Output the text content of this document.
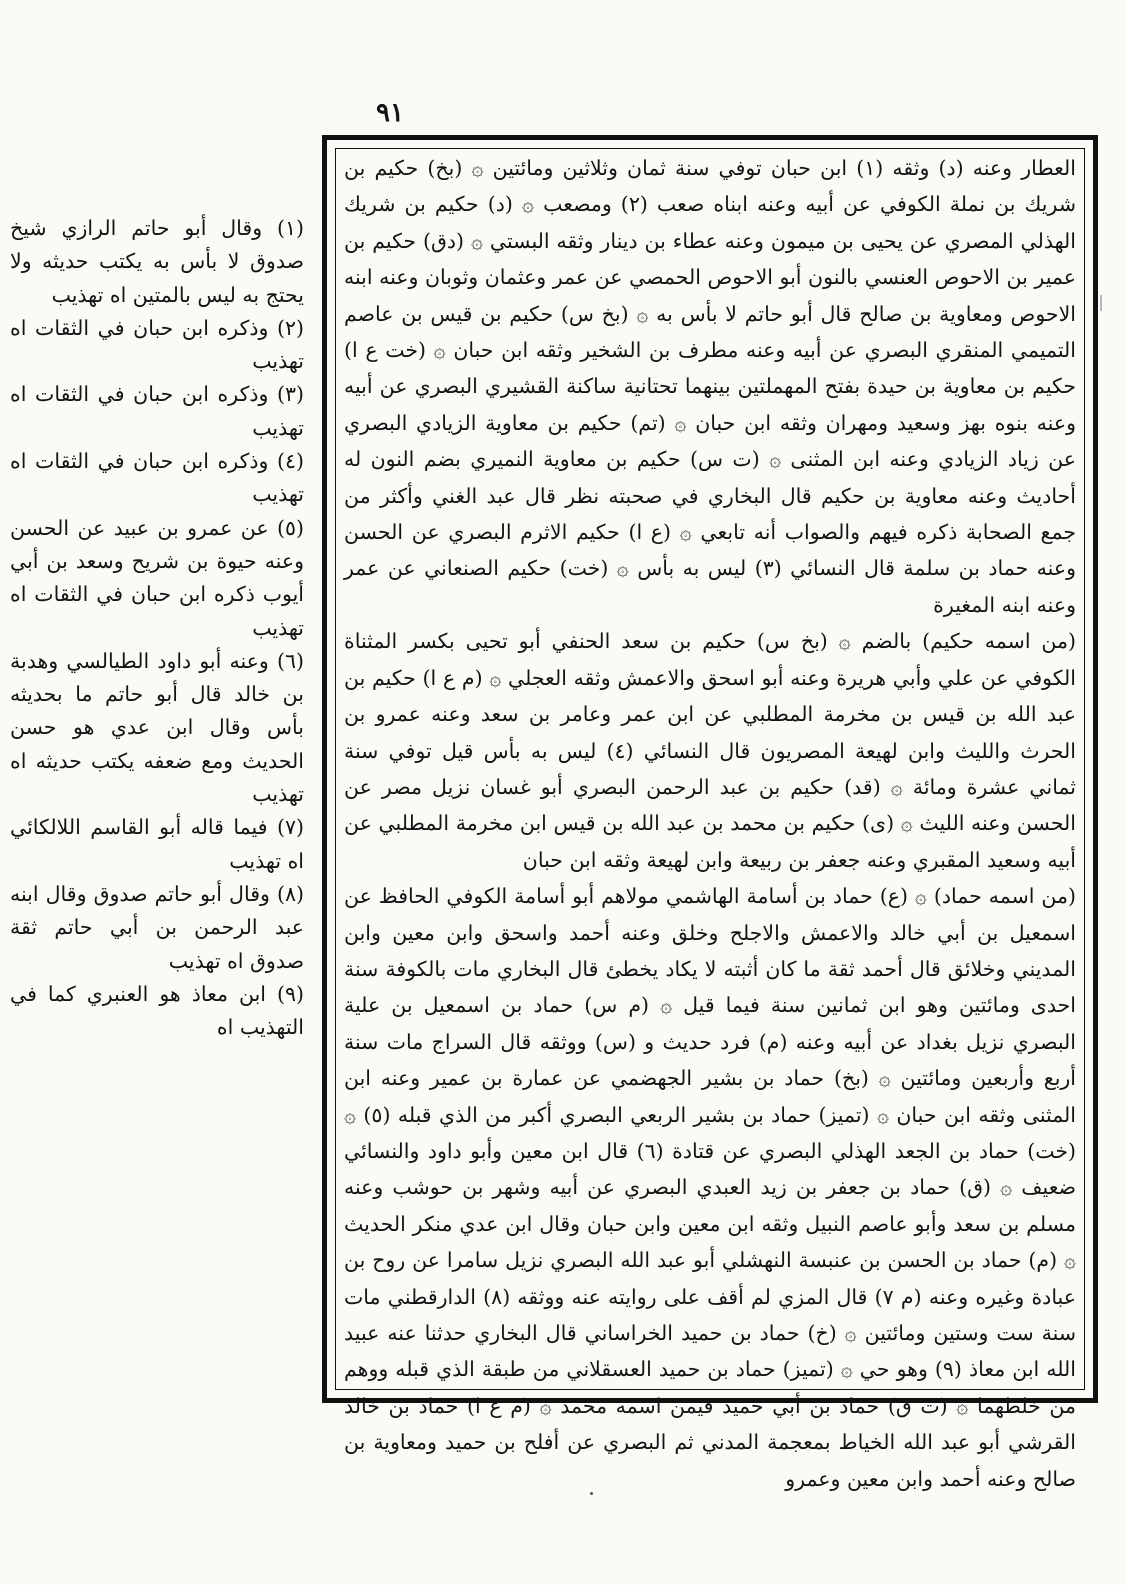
٩١

العطار وعنه (د) وثقه (١) ابن حبان توفي سنة ثمان وثلاثين ومائتين ۞ (بخ) حكيم بن شريك بن نملة الكوفي عن أبيه وعنه ابناه صعب (٢) ومصعب ۞ (د) حكيم بن شريك الهذلي المصري عن يحيى بن ميمون وعنه عطاء بن دينار وثقه البستي ۞ (دق) حكيم بن عمير بن الاحوص العنسي بالنون أبو الاحوص الحمصي عن عمر وعثمان وثوبان وعنه ابنه الاحوص ومعاوية بن صالح قال أبو حاتم لا بأس به ۞ (بخ س) حكيم بن قيس بن عاصم التميمي المنقري البصري عن أبيه وعنه مطرف بن الشخير وثقه ابن حبان ۞ (خت ع ا) حكيم بن معاوية بن حيدة بفتح المهملتين بينهما تحتانية ساكنة القشيري البصري عن أبيه وعنه بنوه بهز وسعيد ومهران وثقه ابن حبان ۞ (تم) حكيم بن معاوية الزيادي البصري عن زياد الزيادي وعنه ابن المثنى ۞ (ت س) حكيم بن معاوية النميري بضم النون له أحاديث وعنه معاوية بن حكيم قال البخاري في صحبته نظر قال عبد الغني وأكثر من جمع الصحابة ذكره فيهم والصواب أنه تابعي ۞ (ع ا) حكيم الاثرم البصري عن الحسن وعنه حماد بن سلمة قال النسائي (٣) ليس به بأس ۞ (خت) حكيم الصنعاني عن عمر وعنه ابنه المغيرة

(من اسمه حكيم) بالضم ۞ (بخ س) حكيم بن سعد الحنفي أبو تحيى بكسر المثناة الكوفي عن علي وأبي هريرة وعنه أبو اسحق والاعمش وثقه العجلي ۞ (م ع ا) حكيم بن عبد الله بن قيس بن مخرمة المطلبي عن ابن عمر وعامر بن سعد وعنه عمرو بن الحرث والليث وابن لهيعة المصريون قال النسائي (٤) ليس به بأس قيل توفي سنة ثماني عشرة ومائة ۞ (قد) حكيم بن عبد الرحمن البصري أبو غسان نزيل مصر عن الحسن وعنه الليث ۞ (ى) حكيم بن محمد بن عبد الله بن قيس ابن مخرمة المطلبي عن أبيه وسعيد المقبري وعنه جعفر بن ربيعة وابن لهيعة وثقه ابن حبان

(من اسمه حماد) ۞ (ع) حماد بن أسامة الهاشمي مولاهم أبو أسامة الكوفي الحافظ عن اسمعيل بن أبي خالد والاعمش والاجلح وخلق وعنه أحمد واسحق وابن معين وابن المديني وخلائق قال أحمد ثقة ما كان أثبته لا يكاد يخطئ قال البخاري مات بالكوفة سنة احدى ومائتين وهو ابن ثمانين سنة فيما قيل ۞ (م س) حماد بن اسمعيل بن علية البصري نزيل بغداد عن أبيه وعنه (م) فرد حديث و (س) ووثقه قال السراج مات سنة أربع وأربعين ومائتين ۞ (بخ) حماد بن بشير الجهضمي عن عمارة بن عمير وعنه ابن المثنى وثقه ابن حبان ۞ (تميز) حماد بن بشير الربعي البصري أكبر من الذي قبله (٥) ۞ (خت) حماد بن الجعد الهذلي البصري عن قتادة (٦) قال ابن معين وأبو داود والنسائي ضعيف ۞ (ق) حماد بن جعفر بن زيد العبدي البصري عن أبيه وشهر بن حوشب وعنه مسلم بن سعد وأبو عاصم النبيل وثقه ابن معين وابن حبان وقال ابن عدي منكر الحديث ۞ (م) حماد بن الحسن بن عنبسة النهشلي أبو عبد الله البصري نزيل سامرا عن روح بن عبادة وغيره وعنه (م ٧) قال المزي لم أقف على روايته عنه ووثقه (٨) الدارقطني مات سنة ست وستين ومائتين ۞ (خ) حماد بن حميد الخراساني قال البخاري حدثنا عنه عبيد الله ابن معاذ (٩) وهو حي ۞ (تميز) حماد بن حميد العسقلاني من طبقة الذي قبله ووهم من خلطهما ۞ (ت ق) حماد بن أبي حميد فيمن اسمه محمد ۞ (م ع ا) حماد بن خالد القرشي أبو عبد الله الخياط بمعجمة المدني ثم البصري عن أفلح بن حميد ومعاوية بن صالح وعنه أحمد وابن معين وعمرو

(١) وقال أبو حاتم الرازي شيخ صدوق لا بأس به يكتب حديثه ولا يحتج به ليس بالمتين اه تهذيب

(٢) وذكره ابن حبان في الثقات اه تهذيب

(٣) وذكره ابن حبان في الثقات اه تهذيب

(٤) وذكره ابن حبان في الثقات اه تهذيب

(٥) عن عمرو بن عبيد عن الحسن وعنه حيوة بن شريح وسعد بن أبي أيوب ذكره ابن حبان في الثقات اه تهذيب

(٦) وعنه أبو داود الطيالسي وهدبة بن خالد قال أبو حاتم ما بحديثه بأس وقال ابن عدي هو حسن الحديث ومع ضعفه يكتب حديثه اه تهذيب

(٧) فيما قاله أبو القاسم اللالكائي اه تهذيب

(٨) وقال أبو حاتم صدوق وقال ابنه عبد الرحمن بن أبي حاتم ثقة صدوق اه تهذيب

(٩) ابن معاذ هو العنبري كما في التهذيب اه
